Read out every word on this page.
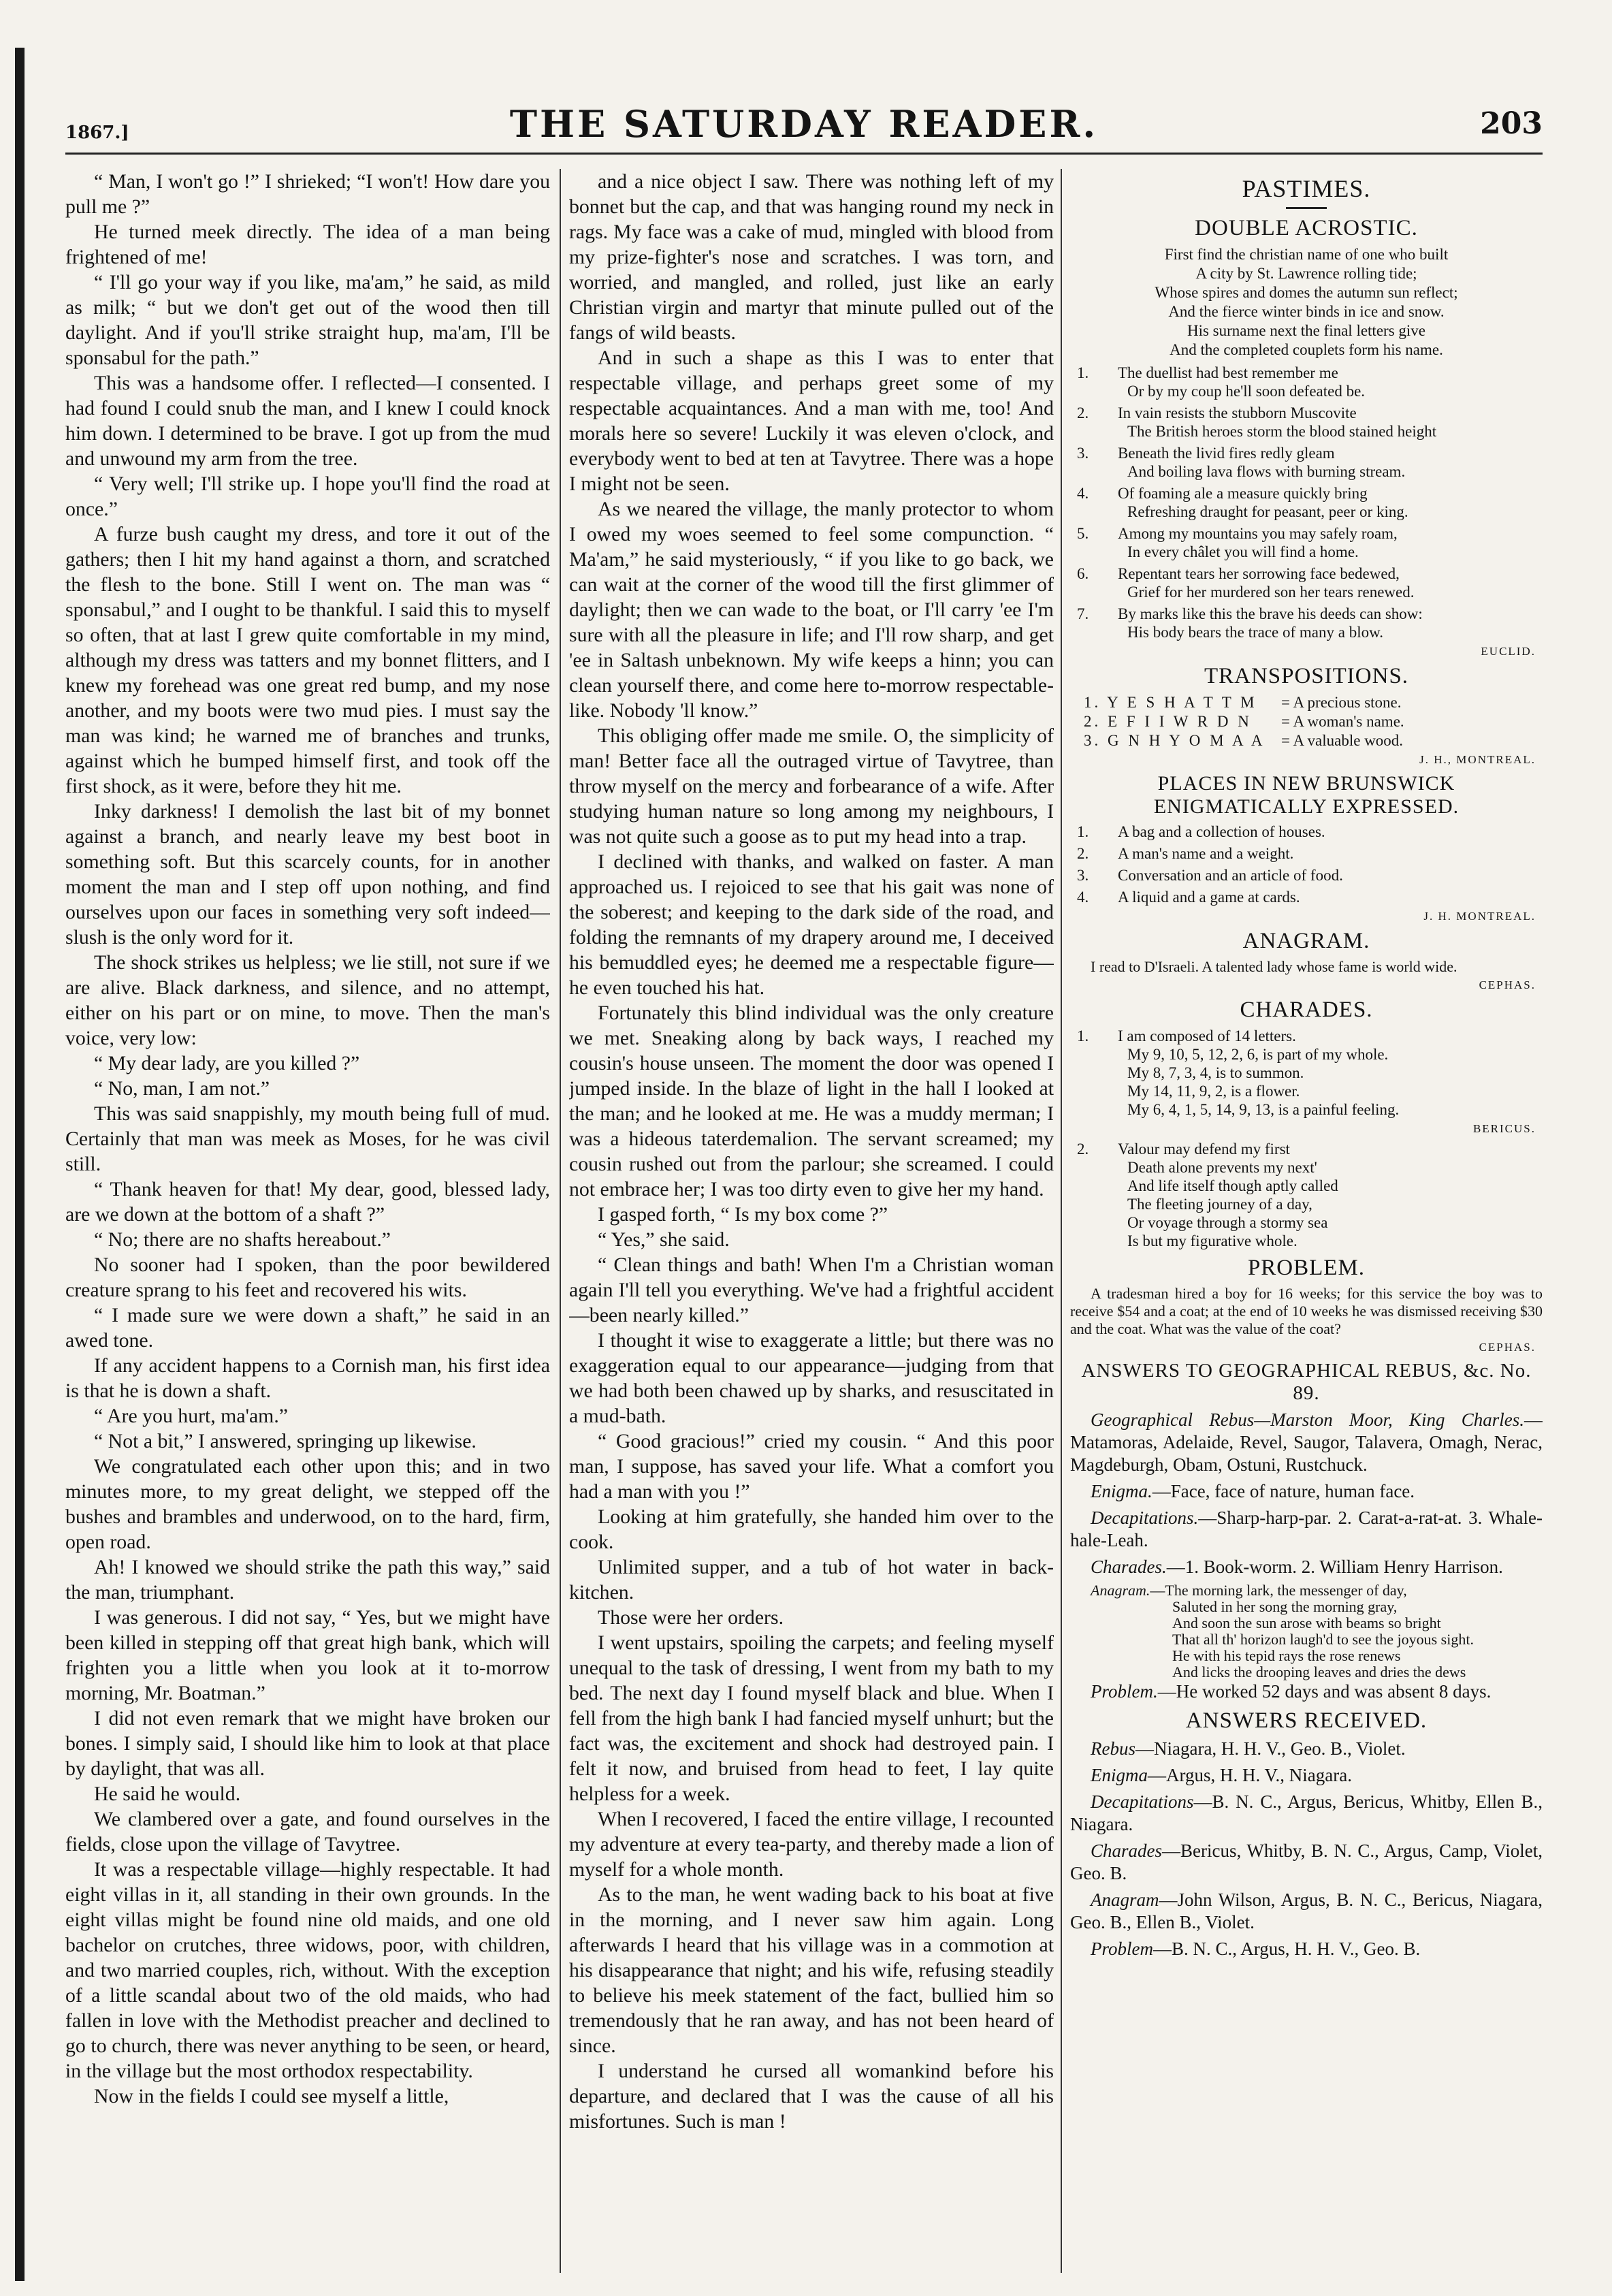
1867.]	THE SATURDAY READER.	203

“ Man, I won't go !” I shrieked; “I won't! How dare you pull me ?”

He turned meek directly. The idea of a man being frightened of me!

“ I'll go your way if you like, ma'am,” he said, as mild as milk; “ but we don't get out of the wood then till daylight. And if you'll strike straight hup, ma'am, I'll be sponsabul for the path.”

This was a handsome offer. I reflected—I consented. I had found I could snub the man, and I knew I could knock him down. I determined to be brave. I got up from the mud and unwound my arm from the tree.

“ Very well; I'll strike up. I hope you'll find the road at once.”

A furze bush caught my dress, and tore it out of the gathers; then I hit my hand against a thorn, and scratched the flesh to the bone. Still I went on. The man was “ sponsabul,” and I ought to be thankful. I said this to myself so often, that at last I grew quite comfortable in my mind, although my dress was tatters and my bonnet flitters, and I knew my forehead was one great red bump, and my nose another, and my boots were two mud pies. I must say the man was kind; he warned me of branches and trunks, against which he bumped himself first, and took off the first shock, as it were, before they hit me.

Inky darkness! I demolish the last bit of my bonnet against a branch, and nearly leave my best boot in something soft. But this scarcely counts, for in another moment the man and I step off upon nothing, and find ourselves upon our faces in something very soft indeed—slush is the only word for it.

The shock strikes us helpless; we lie still, not sure if we are alive. Black darkness, and silence, and no attempt, either on his part or on mine, to move. Then the man's voice, very low:

“ My dear lady, are you killed ?”

“ No, man, I am not.”

This was said snappishly, my mouth being full of mud. Certainly that man was meek as Moses, for he was civil still.

“ Thank heaven for that! My dear, good, blessed lady, are we down at the bottom of a shaft ?”

“ No; there are no shafts hereabout.”

No sooner had I spoken, than the poor bewildered creature sprang to his feet and recovered his wits.

“ I made sure we were down a shaft,” he said in an awed tone.

If any accident happens to a Cornish man, his first idea is that he is down a shaft.

“ Are you hurt, ma'am.”

“ Not a bit,” I answered, springing up likewise.

We congratulated each other upon this; and in two minutes more, to my great delight, we stepped off the bushes and brambles and underwood, on to the hard, firm, open road.

Ah! I knowed we should strike the path this way,” said the man, triumphant.

I was generous. I did not say, “ Yes, but we might have been killed in stepping off that great high bank, which will frighten you a little when you look at it to-morrow morning, Mr. Boatman.”

I did not even remark that we might have broken our bones. I simply said, I should like him to look at that place by daylight, that was all.

He said he would.

We clambered over a gate, and found ourselves in the fields, close upon the village of Tavytree.

It was a respectable village—highly respectable. It had eight villas in it, all standing in their own grounds. In the eight villas might be found nine old maids, and one old bachelor on crutches, three widows, poor, with children, and two married couples, rich, without. With the exception of a little scandal about two of the old maids, who had fallen in love with the Methodist preacher and declined to go to church, there was never anything to be seen, or heard, in the village but the most orthodox respectability.

Now in the fields I could see myself a little,

and a nice object I saw. There was nothing left of my bonnet but the cap, and that was hanging round my neck in rags. My face was a cake of mud, mingled with blood from my prize-fighter's nose and scratches. I was torn, and worried, and mangled, and rolled, just like an early Christian virgin and martyr that minute pulled out of the fangs of wild beasts.

And in such a shape as this I was to enter that respectable village, and perhaps greet some of my respectable acquaintances. And a man with me, too! And morals here so severe! Luckily it was eleven o'clock, and everybody went to bed at ten at Tavytree. There was a hope I might not be seen.

As we neared the village, the manly protector to whom I owed my woes seemed to feel some compunction. “ Ma'am,” he said mysteriously, “ if you like to go back, we can wait at the corner of the wood till the first glimmer of daylight; then we can wade to the boat, or I'll carry 'ee I'm sure with all the pleasure in life; and I'll row sharp, and get 'ee in Saltash unbeknown. My wife keeps a hinn; you can clean yourself there, and come here to-morrow respectable-like. Nobody 'll know.”

This obliging offer made me smile. O, the simplicity of man! Better face all the outraged virtue of Tavytree, than throw myself on the mercy and forbearance of a wife. After studying human nature so long among my neighbours, I was not quite such a goose as to put my head into a trap.

I declined with thanks, and walked on faster. A man approached us. I rejoiced to see that his gait was none of the soberest; and keeping to the dark side of the road, and folding the remnants of my drapery around me, I deceived his bemuddled eyes; he deemed me a respectable figure—he even touched his hat.

Fortunately this blind individual was the only creature we met. Sneaking along by back ways, I reached my cousin's house unseen. The moment the door was opened I jumped inside. In the blaze of light in the hall I looked at the man; and he looked at me. He was a muddy merman; I was a hideous taterdemalion. The servant screamed; my cousin rushed out from the parlour; she screamed. I could not embrace her; I was too dirty even to give her my hand.

I gasped forth, “ Is my box come ?”

“ Yes,” she said.

“ Clean things and bath! When I'm a Christian woman again I'll tell you everything. We've had a frightful accident—been nearly killed.”

I thought it wise to exaggerate a little; but there was no exaggeration equal to our appearance—judging from that we had both been chawed up by sharks, and resuscitated in a mud-bath.

“ Good gracious!” cried my cousin. “ And this poor man, I suppose, has saved your life. What a comfort you had a man with you !”

Looking at him gratefully, she handed him over to the cook.

Unlimited supper, and a tub of hot water in back-kitchen.

Those were her orders.

I went upstairs, spoiling the carpets; and feeling myself unequal to the task of dressing, I went from my bath to my bed. The next day I found myself black and blue. When I fell from the high bank I had fancied myself unhurt; but the fact was, the excitement and shock had destroyed pain. I felt it now, and bruised from head to feet, I lay quite helpless for a week.

When I recovered, I faced the entire village, I recounted my adventure at every tea-party, and thereby made a lion of myself for a whole month.

As to the man, he went wading back to his boat at five in the morning, and I never saw him again. Long afterwards I heard that his village was in a commotion at his disappearance that night; and his wife, refusing steadily to believe his meek statement of the fact, bullied him so tremendously that he ran away, and has not been heard of since.

I understand he cursed all womankind before his departure, and declared that I was the cause of all his misfortunes. Such is man !

PASTIMES.
DOUBLE ACROSTIC.

First find the christian name of one who built

A city by St. Lawrence rolling tide;

Whose spires and domes the autumn sun reflect;

And the fierce winter binds in ice and snow.

His surname next the final letters give

And the completed couplets form his name.

1. The duellist had best remember me
Or by my coup he'll soon defeated be.
2. In vain resists the stubborn Muscovite
The British heroes storm the blood stained height
3. Beneath the livid fires redly gleam
And boiling lava flows with burning stream.
4. Of foaming ale a measure quickly bring
Refreshing draught for peasant, peer or king.
5. Among my mountains you may safely roam,
In every châlet you will find a home.
6. Repentant tears her sorrowing face bedewed,
Grief for her murdered son her tears renewed.
7. By marks like this the brave his deeds can show:
His body bears the trace of many a blow.
EUCLID.
TRANSPOSITIONS.
1. Y E S H A T T M	= A precious stone.
2. E F I I W R D N	= A woman's name.
3. G N H Y O M A A	= A valuable wood.
J. H., MONTREAL.
PLACES IN NEW BRUNSWICK ENIGMATICALLY EXPRESSED.
1. A bag and a collection of houses.
2. A man's name and a weight.
3. Conversation and an article of food.
4. A liquid and a game at cards.
J. H. MONTREAL.
ANAGRAM.

I read to D'Israeli. A talented lady whose fame is world wide.

CEPHAS.
CHARADES.
1. I am composed of 14 letters.
My 9, 10, 5, 12, 2, 6, is part of my whole.
My 8, 7, 3, 4, is to summon.
My 14, 11, 9, 2, is a flower.
My 6, 4, 1, 5, 14, 9, 13, is a painful feeling.
BERICUS.
2. Valour may defend my first
Death alone prevents my next'
And life itself though aptly called
The fleeting journey of a day,
Or voyage through a stormy sea
Is but my figurative whole.
PROBLEM.

A tradesman hired a boy for 16 weeks; for this service the boy was to receive $54 and a coat; at the end of 10 weeks he was dismissed receiving $30 and the coat. What was the value of the coat?

CEPHAS.
ANSWERS TO GEOGRAPHICAL REBUS, &c. No. 89.

Geographical Rebus—Marston Moor, King Charles.—Matamoras, Adelaide, Revel, Saugor, Talavera, Omagh, Nerac, Magdeburgh, Obam, Ostuni, Rustchuck.

Enigma.—Face, face of nature, human face.

Decapitations.—Sharp-harp-par. 2. Carat-a-rat-at. 3. Whale-hale-Leah.

Charades.—1. Book-worm. 2. William Henry Harrison.

Anagram.—The morning lark, the messenger of day,
Saluted in her song the morning gray,
And soon the sun arose with beams so bright
That all th' horizon laugh'd to see the joyous sight.
He with his tepid rays the rose renews
And licks the drooping leaves and dries the dews

Problem.—He worked 52 days and was absent 8 days.

ANSWERS RECEIVED.

Rebus—Niagara, H. H. V., Geo. B., Violet.

Enigma—Argus, H. H. V., Niagara.

Decapitations—B. N. C., Argus, Bericus, Whitby, Ellen B., Niagara.

Charades—Bericus, Whitby, B. N. C., Argus, Camp, Violet, Geo. B.

Anagram—John Wilson, Argus, B. N. C., Bericus, Niagara, Geo. B., Ellen B., Violet.

Problem—B. N. C., Argus, H. H. V., Geo. B.
